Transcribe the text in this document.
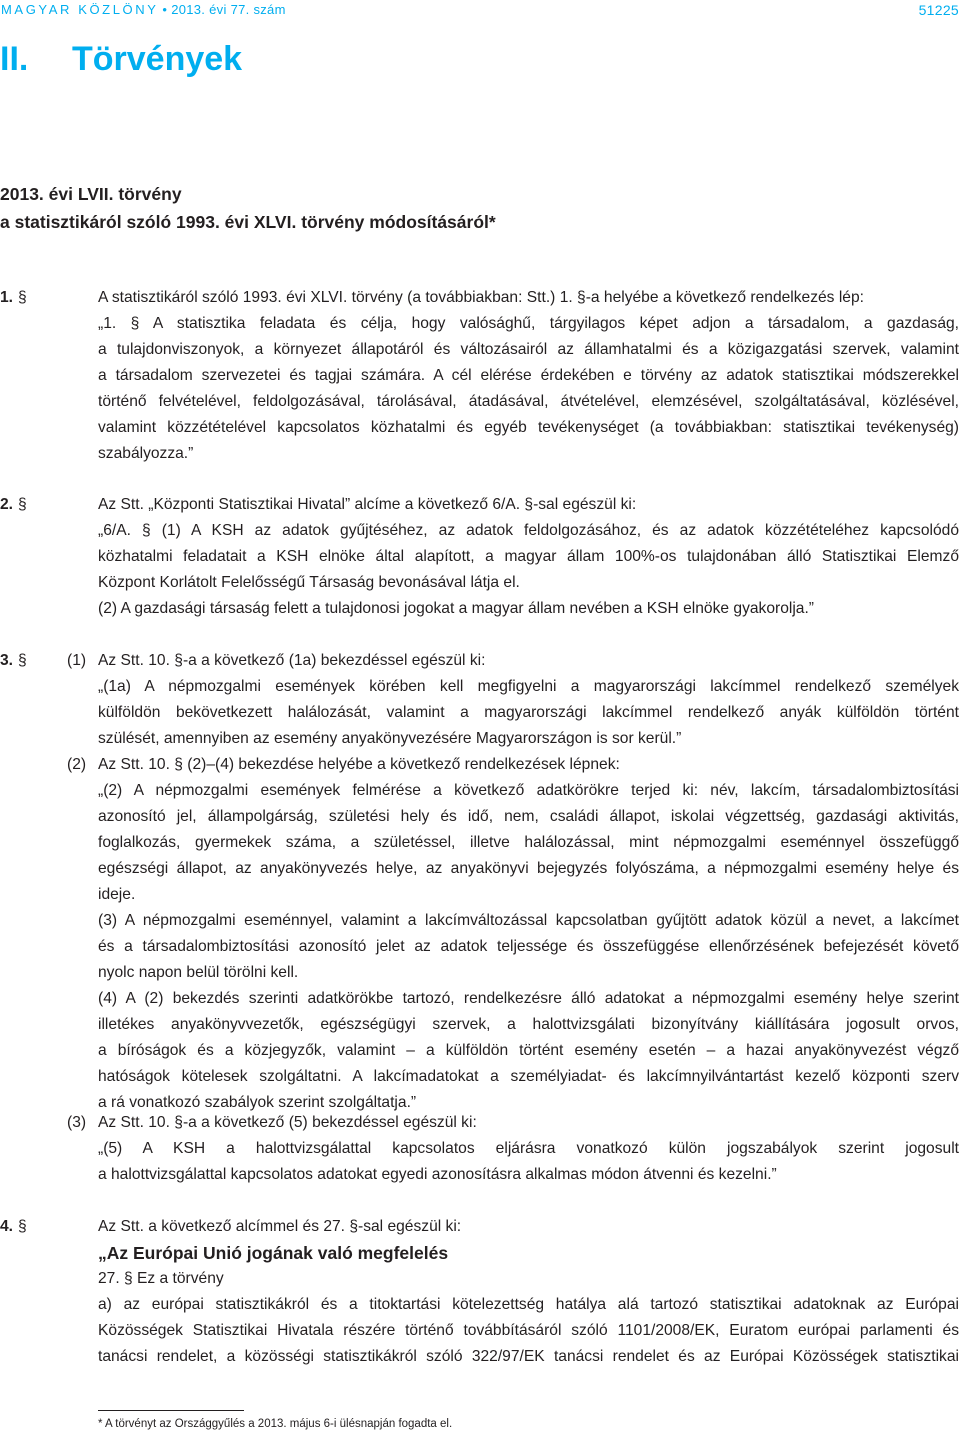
MAGYAR KÖZLÖNY • 2013. évi 77. szám	51225
II. Törvények
2013. évi LVII. törvény
a statisztikáról szóló 1993. évi XLVI. törvény módosításáról*
1. §	A statisztikáról szóló 1993. évi XLVI. törvény (a továbbiakban: Stt.) 1. §-a helyébe a következő rendelkezés lép:

„1. § A statisztika feladata és célja, hogy valósághű, tárgyilagos képet adjon a társadalom, a gazdaság,

a tulajdonviszonyok, a környezet állapotáról és változásairól az államhatalmi és a közigazgatási szervek, valamint

a társadalom szervezetei és tagjai számára. A cél elérése érdekében e törvény az adatok statisztikai módszerekkel

történő felvételével, feldolgozásával, tárolásával, átadásával, átvételével, elemzésével, szolgáltatásával, közlésével,

valamint közzétételével kapcsolatos közhatalmi és egyéb tevékenységet (a továbbiakban: statisztikai tevékenység)

szabályozza.”

2. §	Az Stt. „Központi Statisztikai Hivatal” alcíme a következő 6/A. §-sal egészül ki:

„6/A. § (1) A KSH az adatok gyűjtéséhez, az adatok feldolgozásához, és az adatok közzétételéhez kapcsolódó

közhatalmi feladatait a KSH elnöke által alapított, a magyar állam 100%-os tulajdonában álló Statisztikai Elemző

Központ Korlátolt Felelősségű Társaság bevonásával látja el.

(2) A gazdasági társaság felett a tulajdonosi jogokat a magyar állam nevében a KSH elnöke gyakorolja.”

3. §	(1) Az Stt. 10. §-a a következő (1a) bekezdéssel egészül ki:

„(1a) A népmozgalmi események körében kell megfigyelni a magyarországi lakcímmel rendelkező személyek

külföldön bekövetkezett halálozását, valamint a magyarországi lakcímmel rendelkező anyák külföldön történt

szülését, amennyiben az esemény anyakönyvezésére Magyarországon is sor kerül.”

(2) Az Stt. 10. § (2)–(4) bekezdése helyébe a következő rendelkezések lépnek:

„(2) A népmozgalmi események felmérése a következő adatkörökre terjed ki: név, lakcím, társadalombiztosítási

azonosító jel, állampolgárság, születési hely és idő, nem, családi állapot, iskolai végzettség, gazdasági aktivitás,

foglalkozás, gyermekek száma, a születéssel, illetve halálozással, mint népmozgalmi eseménnyel összefüggő

egészségi állapot, az anyakönyvezés helye, az anyakönyvi bejegyzés folyószáma, a népmozgalmi esemény helye és

ideje.

(3) A népmozgalmi eseménnyel, valamint a lakcímváltozással kapcsolatban gyűjtött adatok közül a nevet, a lakcímet

és a társadalombiztosítási azonosító jelet az adatok teljessége és összefüggése ellenőrzésének befejezését követő

nyolc napon belül törölni kell.

(4) A (2) bekezdés szerinti adatkörökbe tartozó, rendelkezésre álló adatokat a népmozgalmi esemény helye szerint

illetékes anyakönyvvezetők, egészségügyi szervek, a halottvizsgálati bizonyítvány kiállítására jogosult orvos,

a bíróságok és a közjegyzők, valamint – a külföldön történt esemény esetén – a hazai anyakönyvezést végző

hatóságok kötelesek szolgáltatni. A lakcímadatokat a személyiadat- és lakcímnyilvántartást kezelő központi szerv

a rá vonatkozó szabályok szerint szolgáltatja.”

(3) Az Stt. 10. §-a a következő (5) bekezdéssel egészül ki:

„(5) A KSH a halottvizsgálattal kapcsolatos eljárásra vonatkozó külön jogszabályok szerint jogosult

a halottvizsgálattal kapcsolatos adatokat egyedi azonosításra alkalmas módon átvenni és kezelni.”

4. §	Az Stt. a következő alcímmel és 27. §-sal egészül ki:

„Az Európai Unió jogának való megfelelés

27. § Ez a törvény

a) az európai statisztikákról és a titoktartási kötelezettség hatálya alá tartozó statisztikai adatoknak az Európai

Közösségek Statisztikai Hivatala részére történő továbbításáról szóló 1101/2008/EK, Euratom európai parlamenti és

tanácsi rendelet, a közösségi statisztikákról szóló 322/97/EK tanácsi rendelet és az Európai Közösségek statisztikai

* A törvényt az Országgyűlés a 2013. május 6-i ülésnapján fogadta el.
